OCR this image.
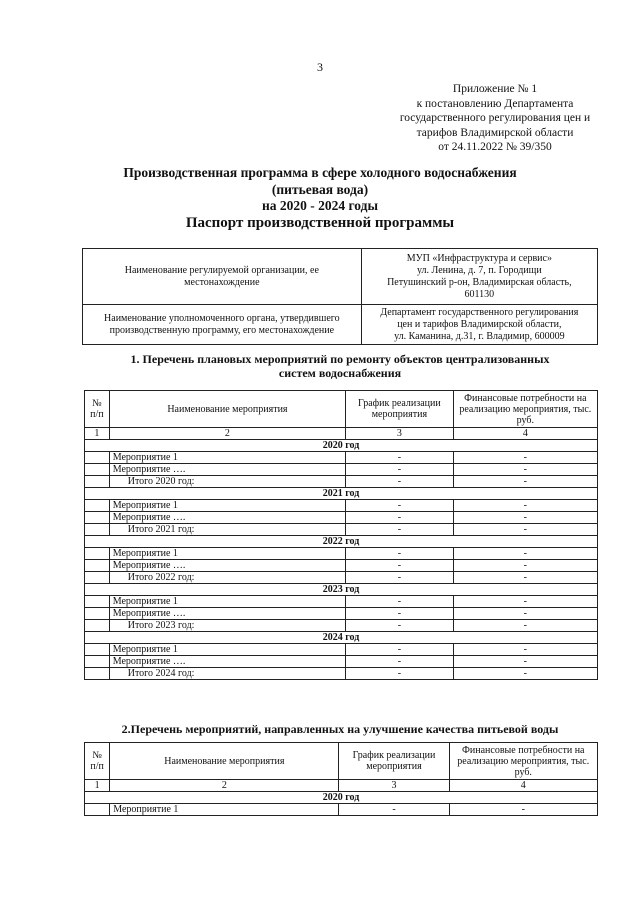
3
Приложение № 1
к постановлению Департамента
государственного регулирования цен и
тарифов Владимирской области
от 24.11.2022 № 39/350
Производственная программа в сфере холодного водоснабжения
(питьевая вода)
на 2020 - 2024 годы
Паспорт производственной программы
Наименование регулируемой организации, ее местонахождение	МУП «Инфраструктура и сервис»
ул. Ленина, д. 7, п. Городищи
Петушинский р-он, Владимирская область,
601130

Наименование уполномоченного органа, утвердившего производственную программу, его местонахождение	Департамент государственного регулирования
цен и тарифов Владимирской области,
ул. Каманина, д.31, г. Владимир, 600009
1. Перечень плановых мероприятий по ремонту объектов централизованных
систем водоснабжения
№ п/п	Наименование мероприятия	График реализации мероприятия	Финансовые потребности на реализацию мероприятия, тыс. руб.
1	2	3	4
2020 год			
	Мероприятие 1	-	-
	Мероприятие ….	-	-
	Итого 2020 год:	-	-
2021 год			
	Мероприятие 1	-	-
	Мероприятие ….	-	-
	Итого 2021 год:	-	-
2022 год			
	Мероприятие 1	-	-
	Мероприятие ….	-	-
	Итого 2022 год:	-	-
2023 год			
	Мероприятие 1	-	-
	Мероприятие ….	-	-
	Итого 2023 год:	-	-
2024 год			
	Мероприятие 1	-	-
	Мероприятие ….	-	-
	Итого 2024 год:	-	-
2.Перечень мероприятий, направленных на улучшение качества питьевой воды
№ п/п	Наименование мероприятия	График реализации мероприятия	Финансовые потребности на реализацию мероприятия, тыс. руб.
1	2	3	4
2020 год			
	Мероприятие 1	-	-
